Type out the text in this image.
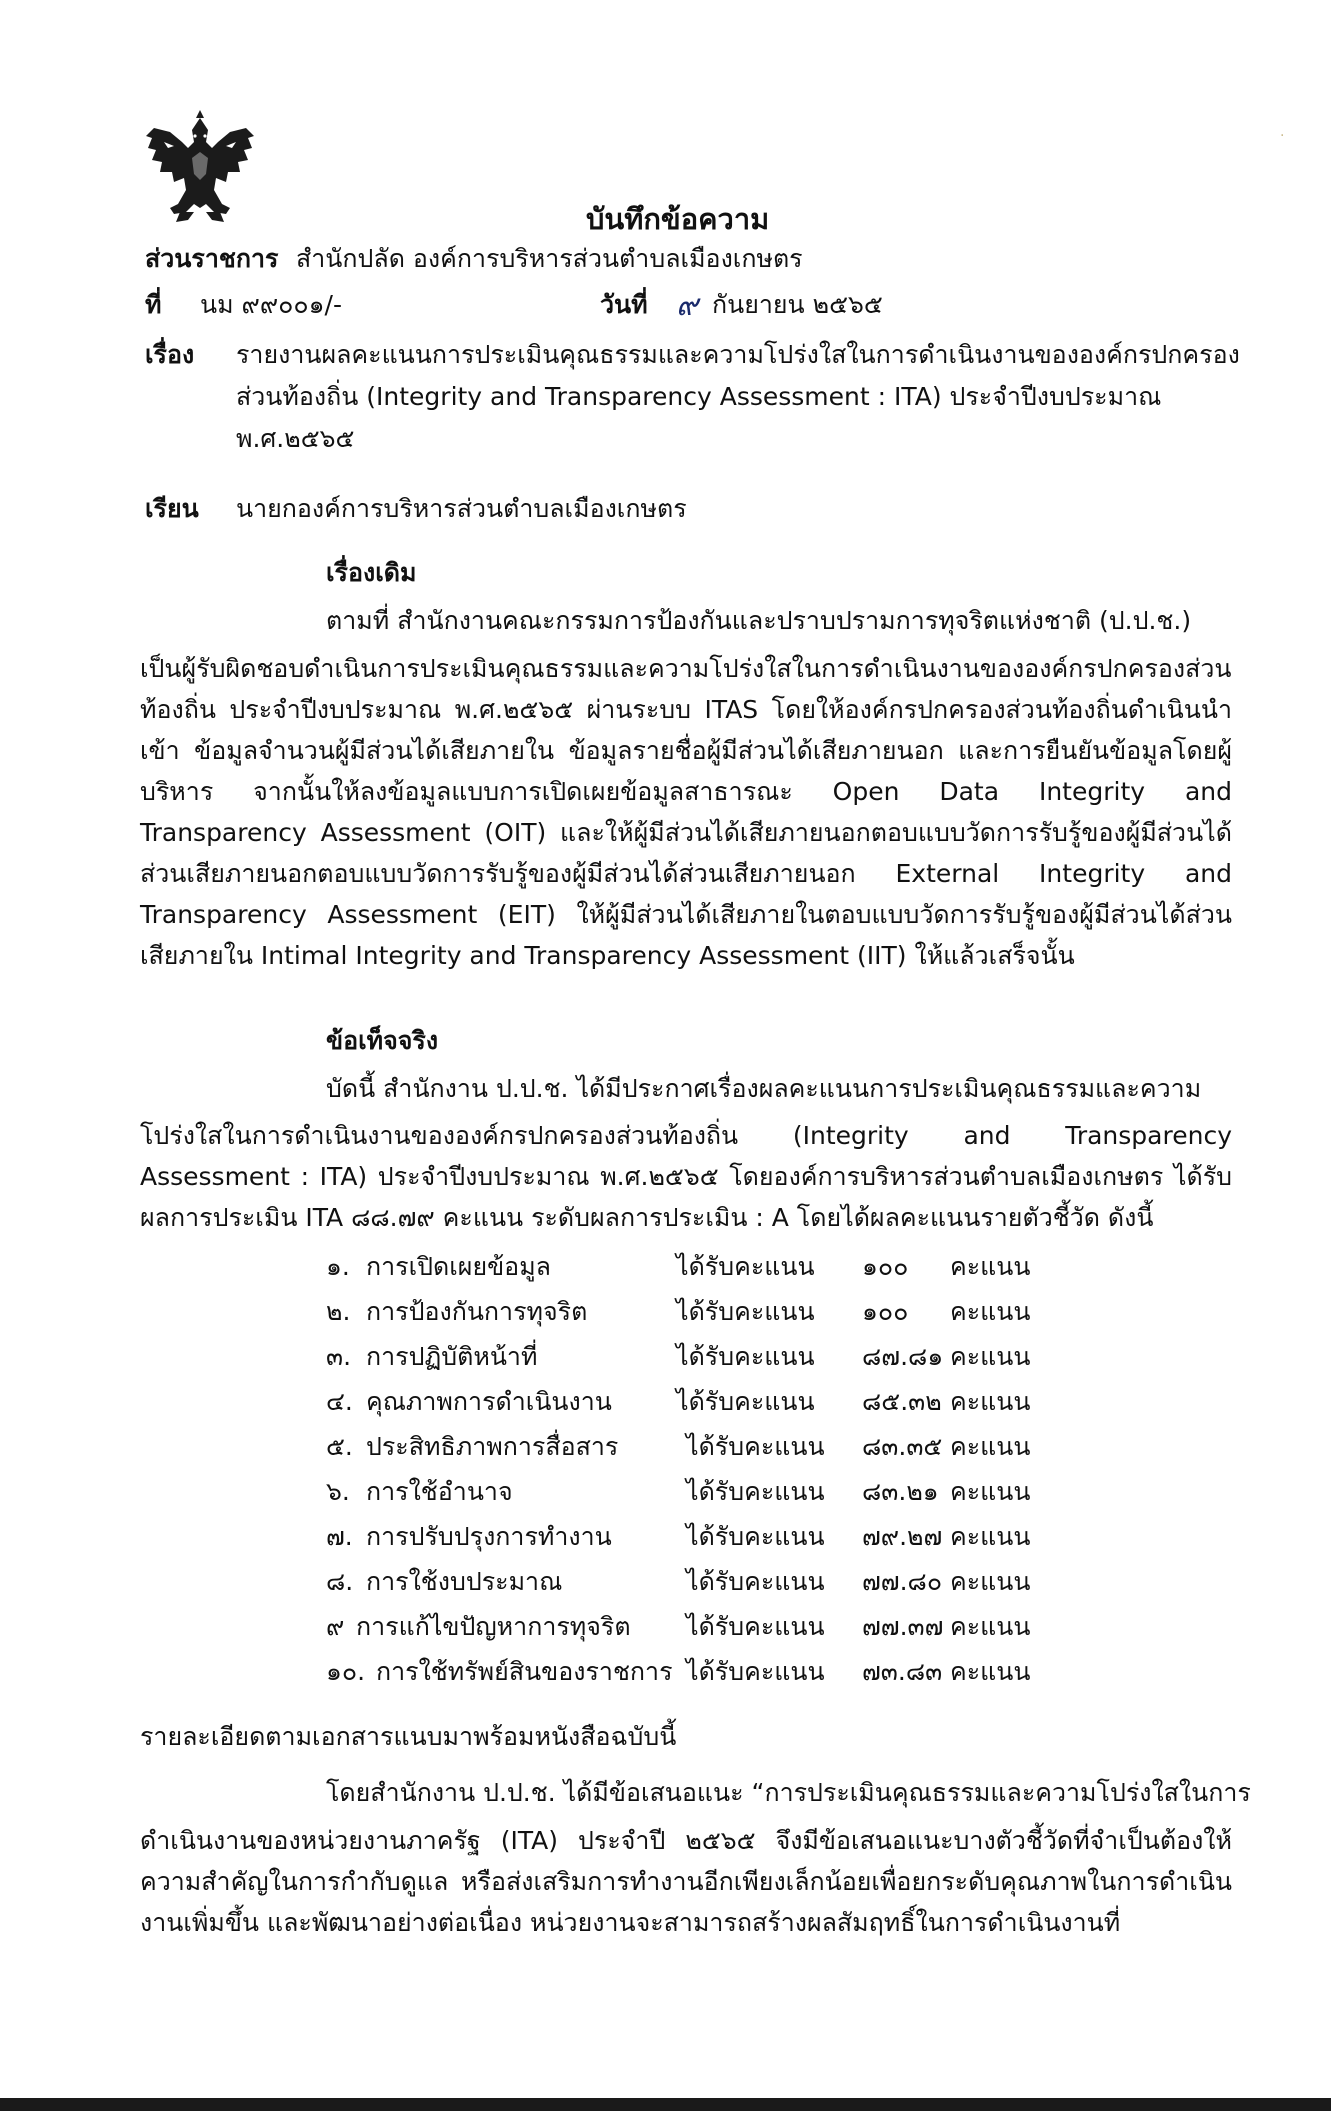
·
บันทึกข้อความ
ส่วนราชการ สำนักปลัด องค์การบริหารส่วนตำบลเมืองเกษตร
ที่ นม ๙๙๐๐๑/-	วันที่ ๙ กันยายน ๒๕๖๕
เรื่อง รายงานผลคะแนนการประเมินคุณธรรมและความโปร่งใสในการดำเนินงานขององค์กรปกครอง
ส่วนท้องถิ่น (Integrity and Transparency Assessment : ITA) ประจำปีงบประมาณ
พ.ศ.๒๕๖๕
เรียน นายกองค์การบริหารส่วนตำบลเมืองเกษตร
เรื่องเดิม
ตามที่ สำนักงานคณะกรรมการป้องกันและปราบปรามการทุจริตแห่งชาติ (ป.ป.ช.)
เป็นผู้รับผิดชอบดำเนินการประเมินคุณธรรมและความโปร่งใสในการดำเนินงานขององค์กรปกครองส่วนท้องถิ่น ประจำปีงบประมาณ พ.ศ.๒๕๖๕ ผ่านระบบ ITAS โดยให้องค์กรปกครองส่วนท้องถิ่นดำเนินนำเข้า ข้อมูลจำนวนผู้มีส่วนได้เสียภายใน ข้อมูลรายชื่อผู้มีส่วนได้เสียภายนอก และการยืนยันข้อมูลโดยผู้บริหาร จากนั้นให้ลงข้อมูลแบบการเปิดเผยข้อมูลสาธารณะ Open Data Integrity and Transparency Assessment (OIT) และให้ผู้มีส่วนได้เสียภายนอกตอบแบบวัดการรับรู้ของผู้มีส่วนได้ส่วนเสียภายนอกตอบแบบวัดการรับรู้ของผู้มีส่วนได้ส่วนเสียภายนอก External Integrity and Transparency Assessment (EIT) ให้ผู้มีส่วนได้เสียภายในตอบแบบวัดการรับรู้ของผู้มีส่วนได้ส่วนเสียภายใน Intimal Integrity and Transparency Assessment (IIT) ให้แล้วเสร็จนั้น
ข้อเท็จจริง
บัดนี้ สำนักงาน ป.ป.ช. ได้มีประกาศเรื่องผลคะแนนการประเมินคุณธรรมและความ
โปร่งใสในการดำเนินงานขององค์กรปกครองส่วนท้องถิ่น (Integrity and Transparency Assessment : ITA) ประจำปีงบประมาณ พ.ศ.๒๕๖๕ โดยองค์การบริหารส่วนตำบลเมืองเกษตร ได้รับผลการประเมิน ITA ๘๘.๗๙ คะแนน ระดับผลการประเมิน : A โดยได้ผลคะแนนรายตัวชี้วัด ดังนี้
๑. การเปิดเผยข้อมูล	ได้รับคะแนน ๑๐๐ คะแนน
๒. การป้องกันการทุจริต	ได้รับคะแนน ๑๐๐ คะแนน
๓. การปฏิบัติหน้าที่	ได้รับคะแนน ๘๗.๘๑ คะแนน
๔. คุณภาพการดำเนินงาน	ได้รับคะแนน ๘๕.๓๒ คะแนน
๕. ประสิทธิภาพการสื่อสาร	ได้รับคะแนน ๘๓.๓๕ คะแนน
๖. การใช้อำนาจ	ได้รับคะแนน ๘๓.๒๑ คะแนน
๗. การปรับปรุงการทำงาน	ได้รับคะแนน ๗๙.๒๗ คะแนน
๘. การใช้งบประมาณ	ได้รับคะแนน ๗๗.๘๐ คะแนน
๙ การแก้ไขปัญหาการทุจริต ได้รับคะแนน ๗๗.๓๗ คะแนน
๑๐. การใช้ทรัพย์สินของราชการ ได้รับคะแนน ๗๓.๘๓ คะแนน
รายละเอียดตามเอกสารแนบมาพร้อมหนังสือฉบับนี้
โดยสำนักงาน ป.ป.ช. ได้มีข้อเสนอแนะ “การประเมินคุณธรรมและความโปร่งใสในการ
ดำเนินงานของหน่วยงานภาครัฐ (ITA) ประจำปี ๒๕๖๕ จึงมีข้อเสนอแนะบางตัวชี้วัดที่จำเป็นต้องให้ความสำคัญในการกำกับดูแล หรือส่งเสริมการทำงานอีกเพียงเล็กน้อยเพื่อยกระดับคุณภาพในการดำเนินงานเพิ่มขึ้น และพัฒนาอย่างต่อเนื่อง หน่วยงานจะสามารถสร้างผลสัมฤทธิ์ในการดำเนินงานที่
